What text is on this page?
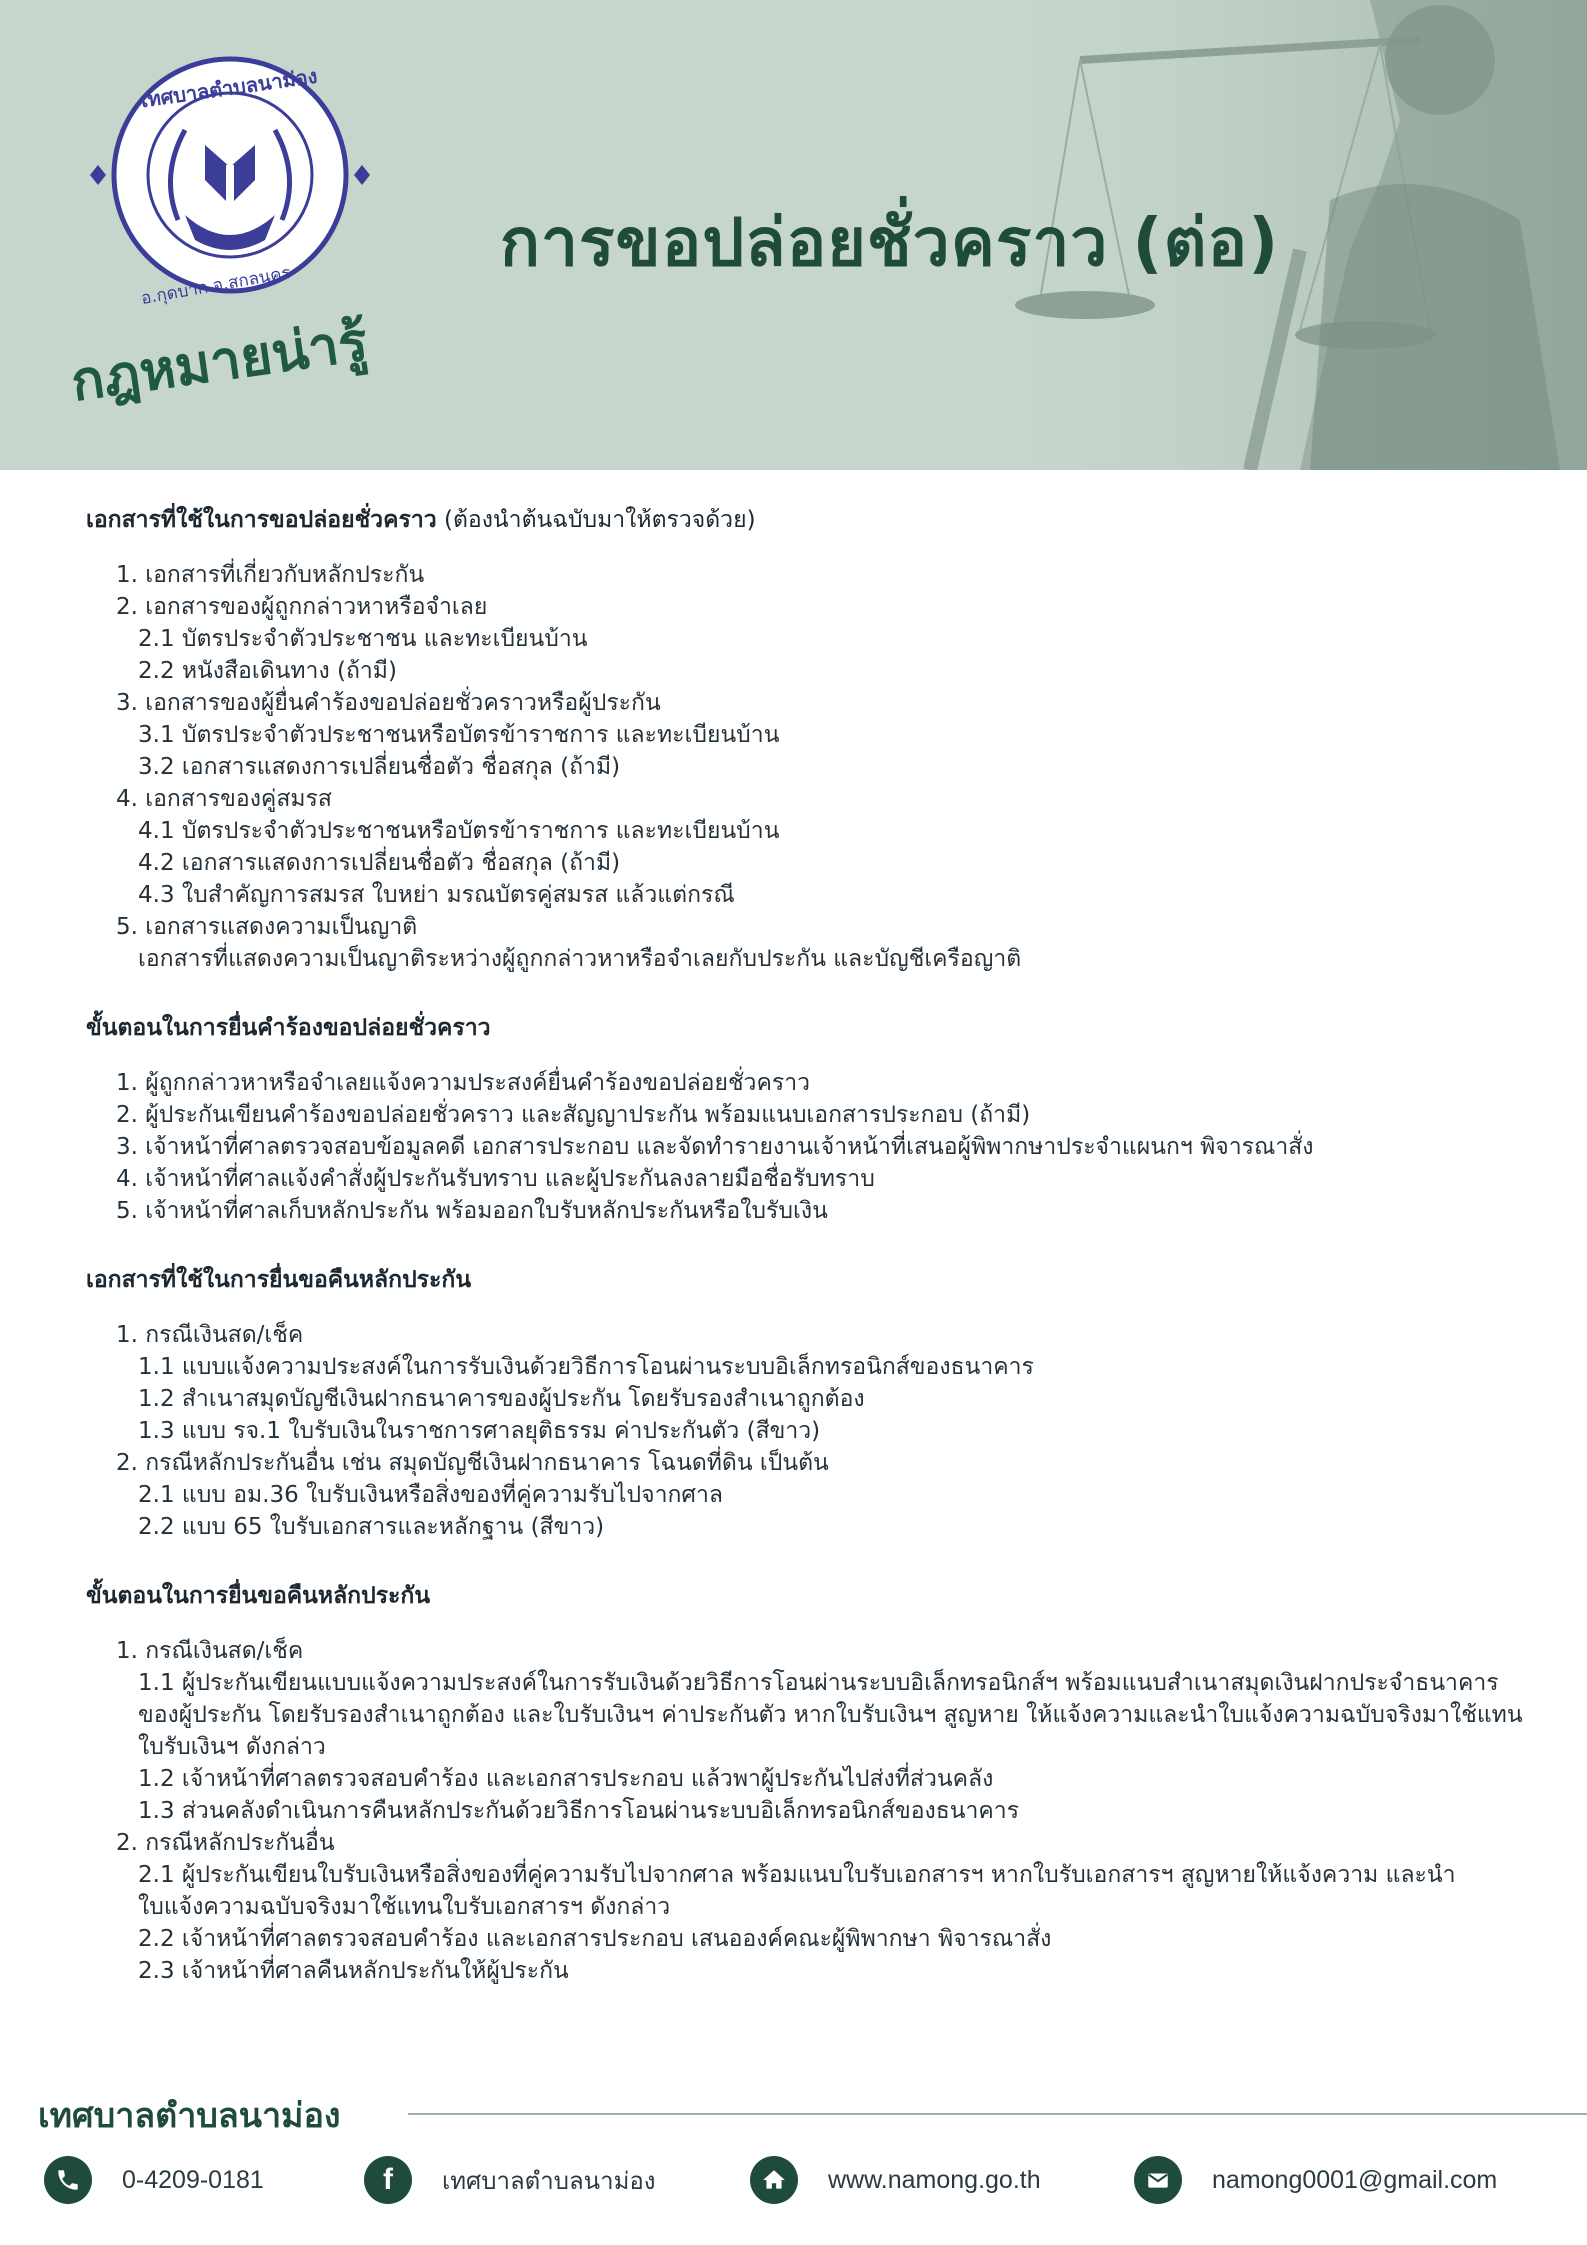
เทศบาลตำบลนาม่อง
อ.กุดบาก จ.สกลนคร
กฎหมายน่ารู้
การขอปล่อยชั่วคราว (ต่อ)
เอกสารที่ใช้ในการขอปล่อยชั่วคราว (ต้องนำต้นฉบับมาให้ตรวจด้วย)
1. เอกสารที่เกี่ยวกับหลักประกัน
2. เอกสารของผู้ถูกกล่าวหาหรือจำเลย
2.1 บัตรประจำตัวประชาชน และทะเบียนบ้าน
2.2 หนังสือเดินทาง (ถ้ามี)
3. เอกสารของผู้ยื่นคำร้องขอปล่อยชั่วคราวหรือผู้ประกัน
3.1 บัตรประจำตัวประชาชนหรือบัตรข้าราชการ และทะเบียนบ้าน
3.2 เอกสารแสดงการเปลี่ยนชื่อตัว ชื่อสกุล (ถ้ามี)
4. เอกสารของคู่สมรส
4.1 บัตรประจำตัวประชาชนหรือบัตรข้าราชการ และทะเบียนบ้าน
4.2 เอกสารแสดงการเปลี่ยนชื่อตัว ชื่อสกุล (ถ้ามี)
4.3 ใบสำคัญการสมรส ใบหย่า มรณบัตรคู่สมรส แล้วแต่กรณี
5. เอกสารแสดงความเป็นญาติ
เอกสารที่แสดงความเป็นญาติระหว่างผู้ถูกกล่าวหาหรือจำเลยกับประกัน และบัญชีเครือญาติ
ขั้นตอนในการยื่นคำร้องขอปล่อยชั่วคราว
1. ผู้ถูกกล่าวหาหรือจำเลยแจ้งความประสงค์ยื่นคำร้องขอปล่อยชั่วคราว
2. ผู้ประกันเขียนคำร้องขอปล่อยชั่วคราว และสัญญาประกัน พร้อมแนบเอกสารประกอบ (ถ้ามี)
3. เจ้าหน้าที่ศาลตรวจสอบข้อมูลคดี เอกสารประกอบ และจัดทำรายงานเจ้าหน้าที่เสนอผู้พิพากษาประจำแผนกฯ พิจารณาสั่ง
4. เจ้าหน้าที่ศาลแจ้งคำสั่งผู้ประกันรับทราบ และผู้ประกันลงลายมือชื่อรับทราบ
5. เจ้าหน้าที่ศาลเก็บหลักประกัน พร้อมออกใบรับหลักประกันหรือใบรับเงิน
เอกสารที่ใช้ในการยื่นขอคืนหลักประกัน
1. กรณีเงินสด/เช็ค
1.1 แบบแจ้งความประสงค์ในการรับเงินด้วยวิธีการโอนผ่านระบบอิเล็กทรอนิกส์ของธนาคาร
1.2 สำเนาสมุดบัญชีเงินฝากธนาคารของผู้ประกัน โดยรับรองสำเนาถูกต้อง
1.3 แบบ รจ.1 ใบรับเงินในราชการศาลยุติธรรม ค่าประกันตัว (สีขาว)
2. กรณีหลักประกันอื่น เช่น สมุดบัญชีเงินฝากธนาคาร โฉนดที่ดิน เป็นต้น
2.1 แบบ อม.36 ใบรับเงินหรือสิ่งของที่คู่ความรับไปจากศาล
2.2 แบบ 65 ใบรับเอกสารและหลักฐาน (สีขาว)
ขั้นตอนในการยื่นขอคืนหลักประกัน
1. กรณีเงินสด/เช็ค
1.1 ผู้ประกันเขียนแบบแจ้งความประสงค์ในการรับเงินด้วยวิธีการโอนผ่านระบบอิเล็กทรอนิกส์ฯ พร้อมแนบสำเนาสมุดเงินฝากประจำธนาคารของผู้ประกัน โดยรับรองสำเนาถูกต้อง และใบรับเงินฯ ค่าประกันตัว หากใบรับเงินฯ สูญหาย ให้แจ้งความและนำใบแจ้งความฉบับจริงมาใช้แทนใบรับเงินฯ ดังกล่าว
1.2 เจ้าหน้าที่ศาลตรวจสอบคำร้อง และเอกสารประกอบ แล้วพาผู้ประกันไปส่งที่ส่วนคลัง
1.3 ส่วนคลังดำเนินการคืนหลักประกันด้วยวิธีการโอนผ่านระบบอิเล็กทรอนิกส์ของธนาคาร
2. กรณีหลักประกันอื่น
2.1 ผู้ประกันเขียนใบรับเงินหรือสิ่งของที่คู่ความรับไปจากศาล พร้อมแนบใบรับเอกสารฯ หากใบรับเอกสารฯ สูญหายให้แจ้งความ และนำใบแจ้งความฉบับจริงมาใช้แทนใบรับเอกสารฯ ดังกล่าว
2.2 เจ้าหน้าที่ศาลตรวจสอบคำร้อง และเอกสารประกอบ เสนอองค์คณะผู้พิพากษา พิจารณาสั่ง
2.3 เจ้าหน้าที่ศาลคืนหลักประกันให้ผู้ประกัน
เทศบาลตำบลนาม่อง
0-4209-0181	f เทศบาลตำบลนาม่อง	www.namong.go.th	namong0001@gmail.com
